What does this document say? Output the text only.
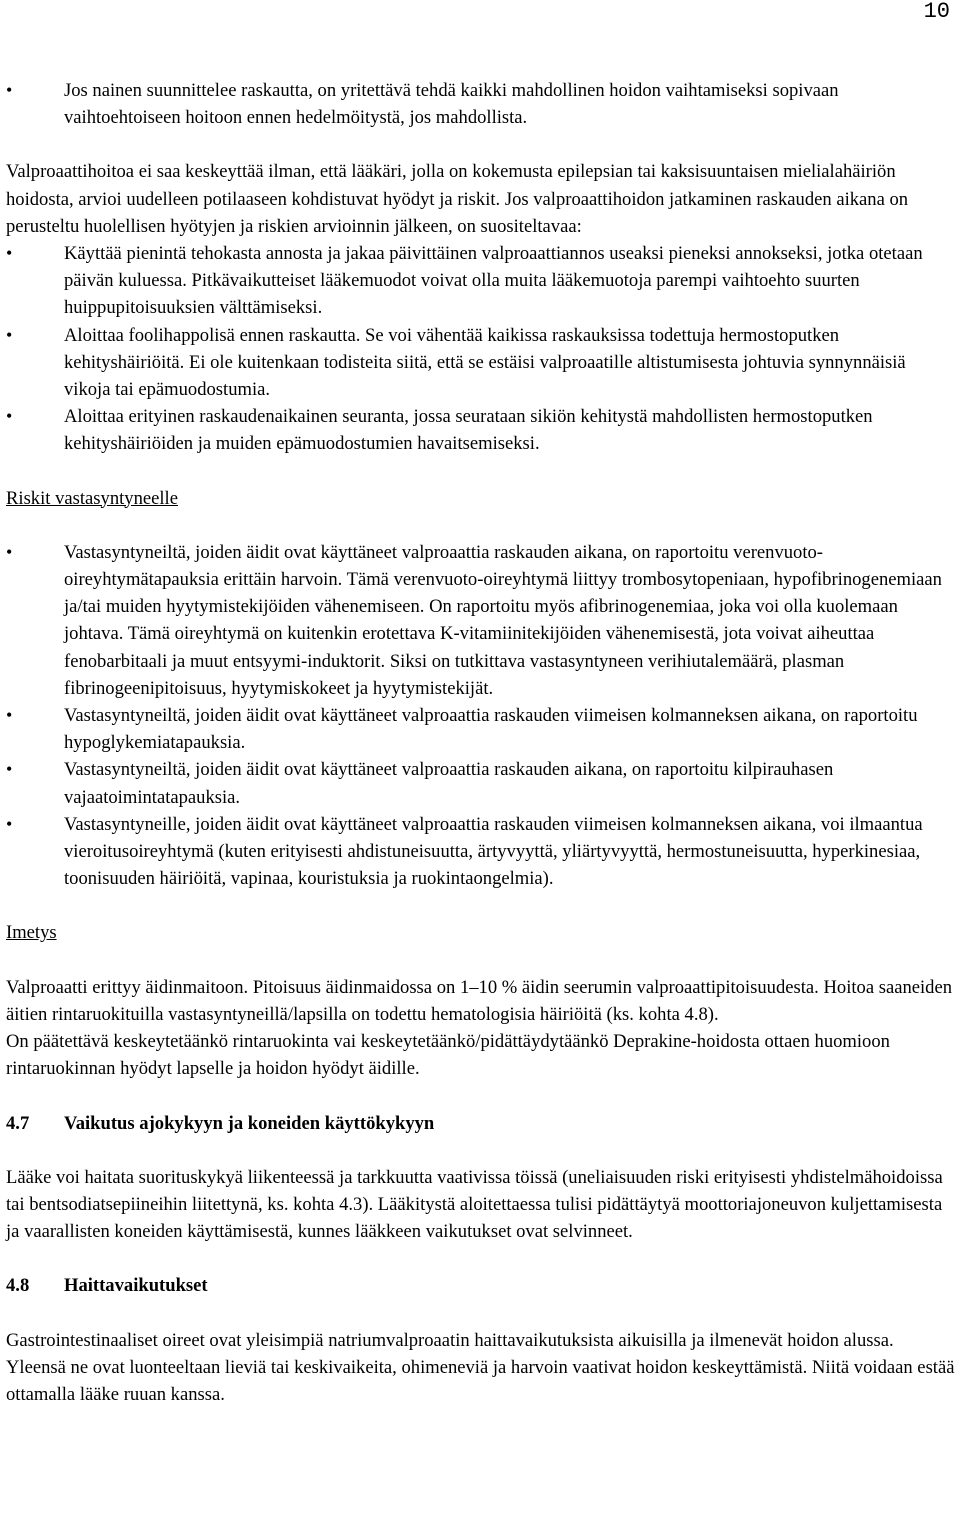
10
• Jos nainen suunnittelee raskautta, on yritettävä tehdä kaikki mahdollinen hoidon vaihtamiseksi sopivaan vaihtoehtoiseen hoitoon ennen hedelmöitystä, jos mahdollista.

Valproaattihoitoa ei saa keskeyttää ilman, että lääkäri, jolla on kokemusta epilepsian tai kaksisuuntaisen mielialahäiriön hoidosta, arvioi uudelleen potilaaseen kohdistuvat hyödyt ja riskit. Jos valproaattihoidon jatkaminen raskauden aikana on perusteltu huolellisen hyötyjen ja riskien arvioinnin jälkeen, on suositeltavaa:

• Käyttää pienintä tehokasta annosta ja jakaa päivittäinen valproaattiannos useaksi pieneksi annokseksi, jotka otetaan päivän kuluessa. Pitkävaikutteiset lääkemuodot voivat olla muita lääkemuotoja parempi vaihtoehto suurten huippupitoisuuksien välttämiseksi.
• Aloittaa foolihappolisä ennen raskautta. Se voi vähentää kaikissa raskauksissa todettuja hermostoputken kehityshäiriöitä. Ei ole kuitenkaan todisteita siitä, että se estäisi valproaatille altistumisesta johtuvia synnynnäisiä vikoja tai epämuodostumia.
• Aloittaa erityinen raskaudenaikainen seuranta, jossa seurataan sikiön kehitystä mahdollisten hermostoputken kehityshäiriöiden ja muiden epämuodostumien havaitsemiseksi.

Riskit vastasyntyneelle

• Vastasyntyneiltä, joiden äidit ovat käyttäneet valproaattia raskauden aikana, on raportoitu verenvuoto-oireyhtymätapauksia erittäin harvoin. Tämä verenvuoto-oireyhtymä liittyy trombosytopeniaan, hypofibrinogenemiaan ja/tai muiden hyytymistekijöiden vähenemiseen. On raportoitu myös afibrinogenemiaa, joka voi olla kuolemaan johtava. Tämä oireyhtymä on kuitenkin erotettava K-vitamiinitekijöiden vähenemisestä, jota voivat aiheuttaa fenobarbitaali ja muut entsyymi-induktorit. Siksi on tutkittava vastasyntyneen verihiutalemäärä, plasman fibrinogeenipitoisuus, hyytymiskokeet ja hyytymistekijät.
• Vastasyntyneiltä, joiden äidit ovat käyttäneet valproaattia raskauden viimeisen kolmanneksen aikana, on raportoitu hypoglykemiatapauksia.
• Vastasyntyneiltä, joiden äidit ovat käyttäneet valproaattia raskauden aikana, on raportoitu kilpirauhasen vajaatoimintatapauksia.
• Vastasyntyneille, joiden äidit ovat käyttäneet valproaattia raskauden viimeisen kolmanneksen aikana, voi ilmaantua vieroitusoireyhtymä (kuten erityisesti ahdistuneisuutta, ärtyvyyttä, yliärtyvyyttä, hermostuneisuutta, hyperkinesiaa, toonisuuden häiriöitä, vapinaa, kouristuksia ja ruokintaongelmia).

Imetys

Valproaatti erittyy äidinmaitoon. Pitoisuus äidinmaidossa on 1–10 % äidin seerumin valproaattipitoisuudesta. Hoitoa saaneiden äitien rintaruokituilla vastasyntyneillä/lapsilla on todettu hematologisia häiriöitä (ks. kohta 4.8).

On päätettävä keskeytetäänkö rintaruokinta vai keskeytetäänkö/pidättäydytäänkö Deprakine-hoidosta ottaen huomioon rintaruokinnan hyödyt lapselle ja hoidon hyödyt äidille.

4.7 Vaikutus ajokykyyn ja koneiden käyttökykyyn

Lääke voi haitata suorituskykyä liikenteessä ja tarkkuutta vaativissa töissä (uneliaisuuden riski erityisesti yhdistelmähoidoissa tai bentsodiatsepiineihin liitettynä, ks. kohta 4.3). Lääkitystä aloitettaessa tulisi pidättäytyä moottoriajoneuvon kuljettamisesta ja vaarallisten koneiden käyttämisestä, kunnes lääkkeen vaikutukset ovat selvinneet.

4.8 Haittavaikutukset

Gastrointestinaaliset oireet ovat yleisimpiä natriumvalproaatin haittavaikutuksista aikuisilla ja ilmenevät hoidon alussa. Yleensä ne ovat luonteeltaan lieviä tai keskivaikeita, ohimeneviä ja harvoin vaativat hoidon keskeyttämistä. Niitä voidaan estää ottamalla lääke ruuan kanssa.
